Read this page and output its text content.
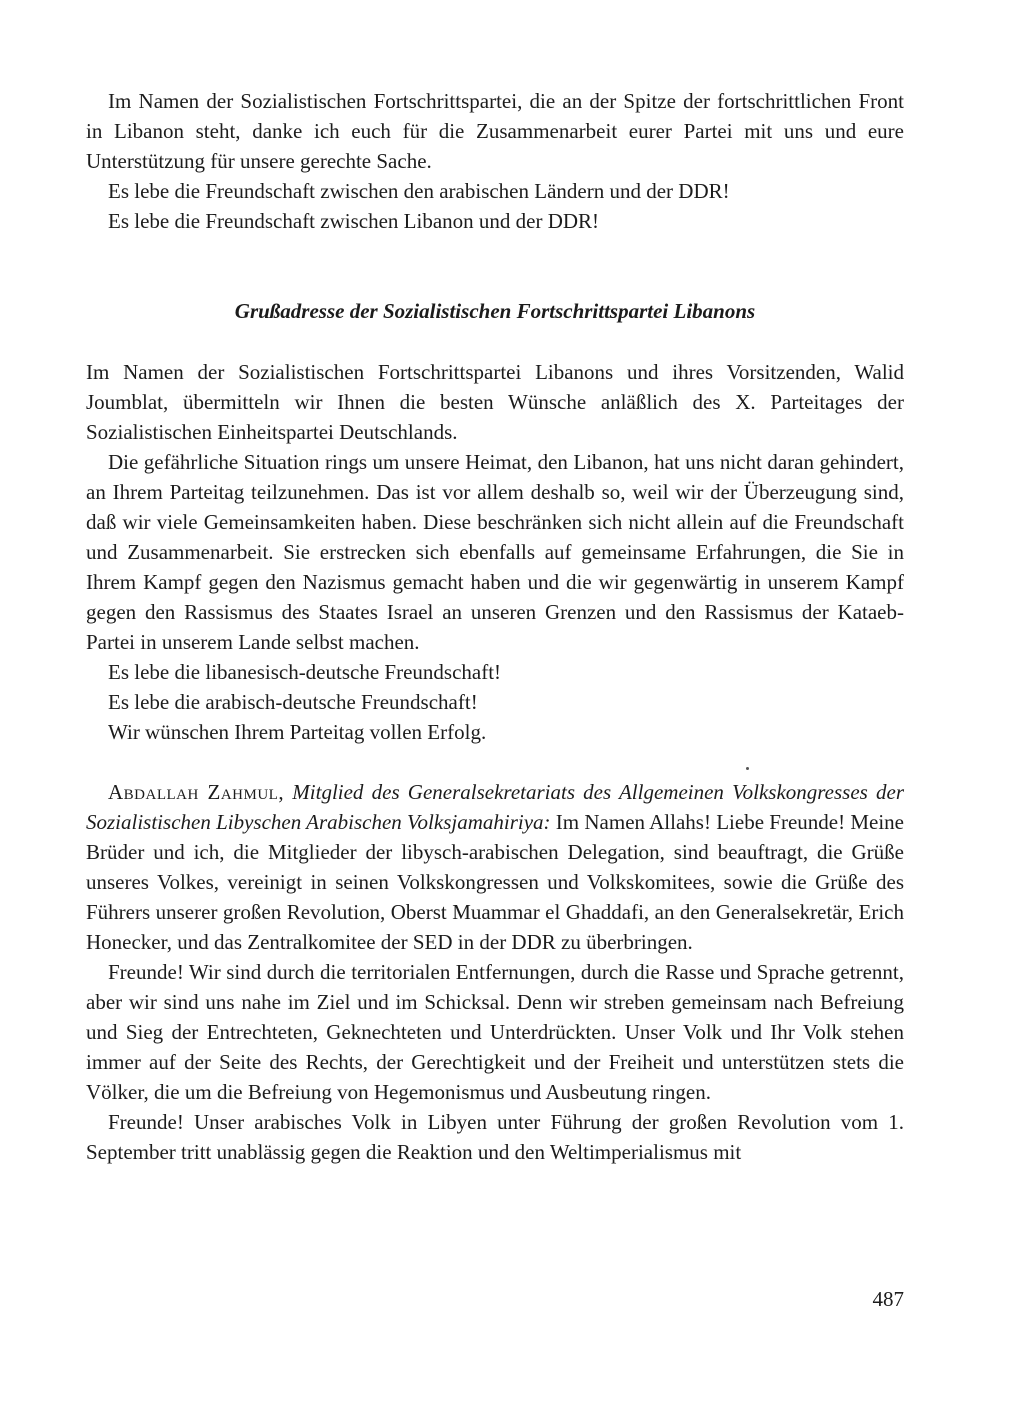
Im Namen der Sozialistischen Fortschrittspartei, die an der Spitze der fortschrittlichen Front in Libanon steht, danke ich euch für die Zusammenarbeit eurer Partei mit uns und eure Unterstützung für unsere gerechte Sache.

Es lebe die Freundschaft zwischen den arabischen Ländern und der DDR!

Es lebe die Freundschaft zwischen Libanon und der DDR!

Grußadresse der Sozialistischen Fortschrittspartei Libanons

Im Namen der Sozialistischen Fortschrittspartei Libanons und ihres Vorsitzenden, Walid Joumblat, übermitteln wir Ihnen die besten Wünsche anläßlich des X. Parteitages der Sozialistischen Einheitspartei Deutschlands.

Die gefährliche Situation rings um unsere Heimat, den Libanon, hat uns nicht daran gehindert, an Ihrem Parteitag teilzunehmen. Das ist vor allem deshalb so, weil wir der Überzeugung sind, daß wir viele Gemeinsamkeiten haben. Diese beschränken sich nicht allein auf die Freundschaft und Zusammenarbeit. Sie erstrecken sich ebenfalls auf gemeinsame Erfahrungen, die Sie in Ihrem Kampf gegen den Nazismus gemacht haben und die wir gegenwärtig in unserem Kampf gegen den Rassismus des Staates Israel an unseren Grenzen und den Rassismus der Kataeb-Partei in unserem Lande selbst machen.

Es lebe die libanesisch-deutsche Freundschaft!

Es lebe die arabisch-deutsche Freundschaft!

Wir wünschen Ihrem Parteitag vollen Erfolg.

Abdallah Zahmul, Mitglied des Generalsekretariats des Allgemeinen Volkskongresses der Sozialistischen Libyschen Arabischen Volksjamahiriya: Im Namen Allahs! Liebe Freunde! Meine Brüder und ich, die Mitglieder der libysch-arabischen Delegation, sind beauftragt, die Grüße unseres Volkes, vereinigt in seinen Volkskongressen und Volkskomitees, sowie die Grüße des Führers unserer großen Revolution, Oberst Muammar el Ghaddafi, an den Generalsekretär, Erich Honecker, und das Zentralkomitee der SED in der DDR zu überbringen.

Freunde! Wir sind durch die territorialen Entfernungen, durch die Rasse und Sprache getrennt, aber wir sind uns nahe im Ziel und im Schicksal. Denn wir streben gemeinsam nach Befreiung und Sieg der Entrechteten, Geknechteten und Unterdrückten. Unser Volk und Ihr Volk stehen immer auf der Seite des Rechts, der Gerechtigkeit und der Freiheit und unterstützen stets die Völker, die um die Befreiung von Hegemonismus und Ausbeutung ringen.

Freunde! Unser arabisches Volk in Libyen unter Führung der großen Revolution vom 1. September tritt unablässig gegen die Reaktion und den Weltimperialismus mit

487
